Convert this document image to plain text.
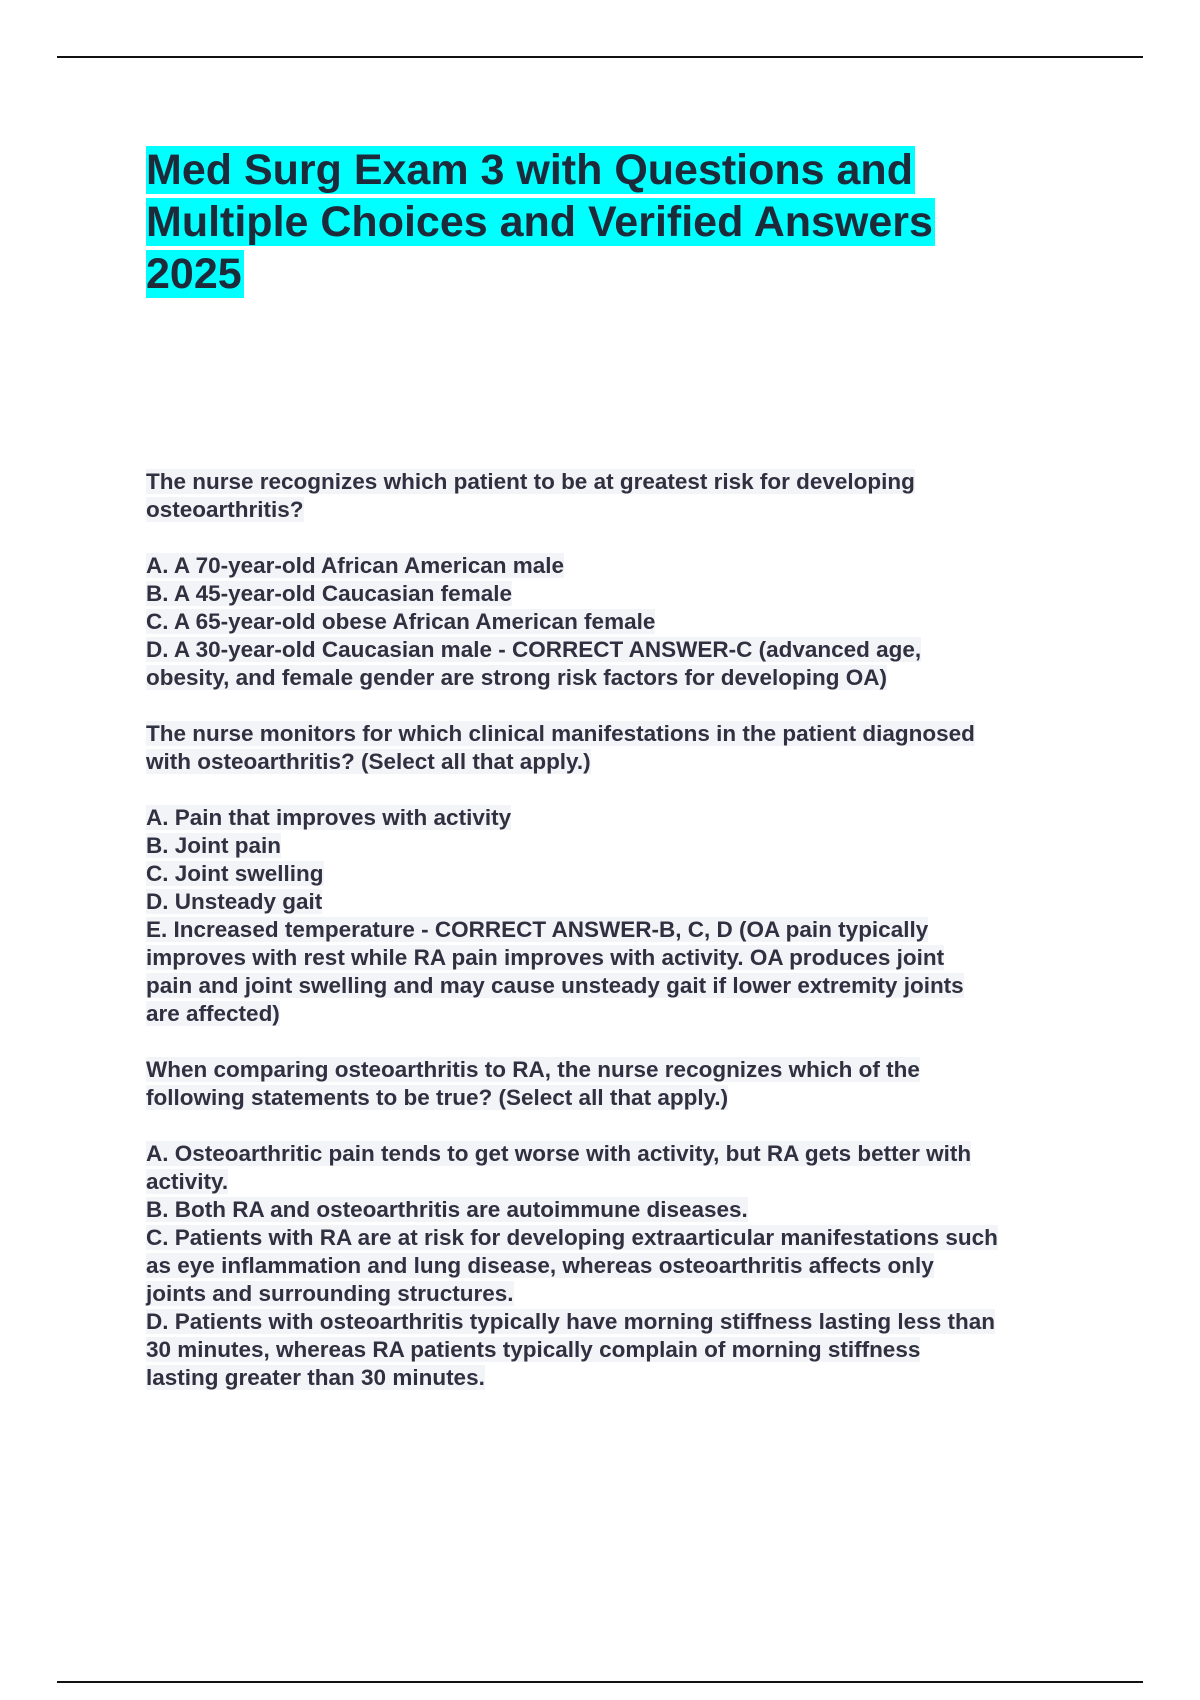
Med Surg Exam 3 with Questions and
Multiple Choices and Verified Answers
2025
The nurse recognizes which patient to be at greatest risk for developing
osteoarthritis?
A. A 70-year-old African American male
B. A 45-year-old Caucasian female
C. A 65-year-old obese African American female
D. A 30-year-old Caucasian male - CORRECT ANSWER-C (advanced age,
obesity, and female gender are strong risk factors for developing OA)
The nurse monitors for which clinical manifestations in the patient diagnosed
with osteoarthritis? (Select all that apply.)
A. Pain that improves with activity
B. Joint pain
C. Joint swelling
D. Unsteady gait
E. Increased temperature - CORRECT ANSWER-B, C, D (OA pain typically
improves with rest while RA pain improves with activity. OA produces joint
pain and joint swelling and may cause unsteady gait if lower extremity joints
are affected)
When comparing osteoarthritis to RA, the nurse recognizes which of the
following statements to be true? (Select all that apply.)
A. Osteoarthritic pain tends to get worse with activity, but RA gets better with
activity.
B. Both RA and osteoarthritis are autoimmune diseases.
C. Patients with RA are at risk for developing extraarticular manifestations such
as eye inflammation and lung disease, whereas osteoarthritis affects only
joints and surrounding structures.
D. Patients with osteoarthritis typically have morning stiffness lasting less than
30 minutes, whereas RA patients typically complain of morning stiffness
lasting greater than 30 minutes.
